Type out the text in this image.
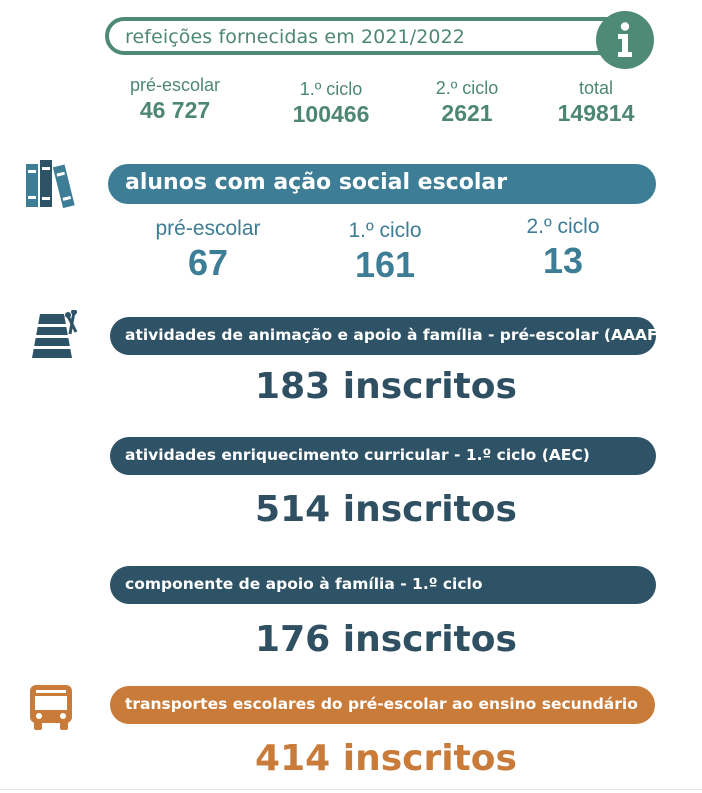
refeições fornecidas em 2021/2022
pré-escolar
46 727
1.º ciclo
100466
2.º ciclo
2621
total
149814
alunos com ação social escolar
pré-escolar
67
1.º ciclo
161
2.º ciclo
13
atividades de animação e apoio à família - pré-escolar (AAAF)
183 inscritos
atividades enriquecimento curricular - 1.º ciclo (AEC)
514 inscritos
componente de apoio à família - 1.º ciclo
176 inscritos
transportes escolares do pré-escolar ao ensino secundário
414 inscritos
